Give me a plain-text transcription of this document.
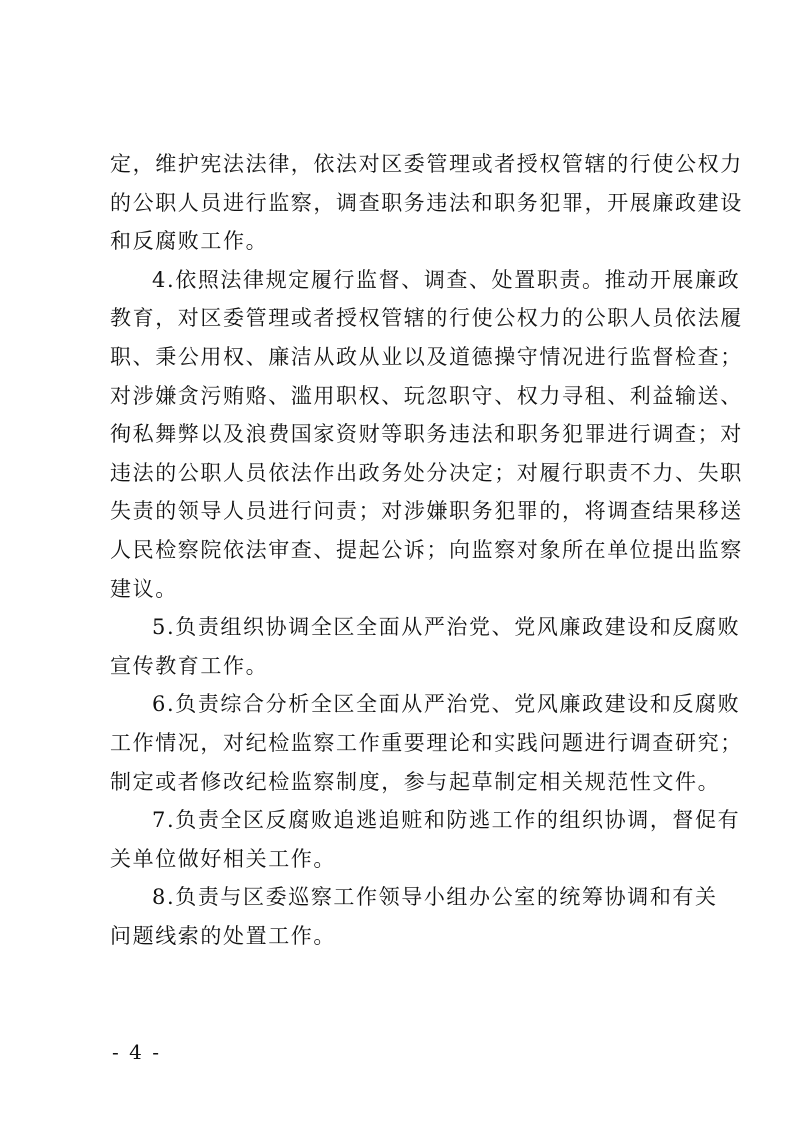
定，维护宪法法律，依法对区委管理或者授权管辖的行使公权力
的公职人员进行监察，调查职务违法和职务犯罪，开展廉政建设
和反腐败工作。
4.依照法律规定履行监督、调查、处置职责。推动开展廉政
教育，对区委管理或者授权管辖的行使公权力的公职人员依法履
职、秉公用权、廉洁从政从业以及道德操守情况进行监督检查；
对涉嫌贪污贿赂、滥用职权、玩忽职守、权力寻租、利益输送、
徇私舞弊以及浪费国家资财等职务违法和职务犯罪进行调查；对
违法的公职人员依法作出政务处分决定；对履行职责不力、失职
失责的领导人员进行问责；对涉嫌职务犯罪的，将调查结果移送
人民检察院依法审查、提起公诉；向监察对象所在单位提出监察
建议。
5.负责组织协调全区全面从严治党、党风廉政建设和反腐败
宣传教育工作。
6.负责综合分析全区全面从严治党、党风廉政建设和反腐败
工作情况，对纪检监察工作重要理论和实践问题进行调查研究；
制定或者修改纪检监察制度，参与起草制定相关规范性文件。
7.负责全区反腐败追逃追赃和防逃工作的组织协调，督促有
关单位做好相关工作。
8.负责与区委巡察工作领导小组办公室的统筹协调和有关
问题线索的处置工作。
- 4 -
